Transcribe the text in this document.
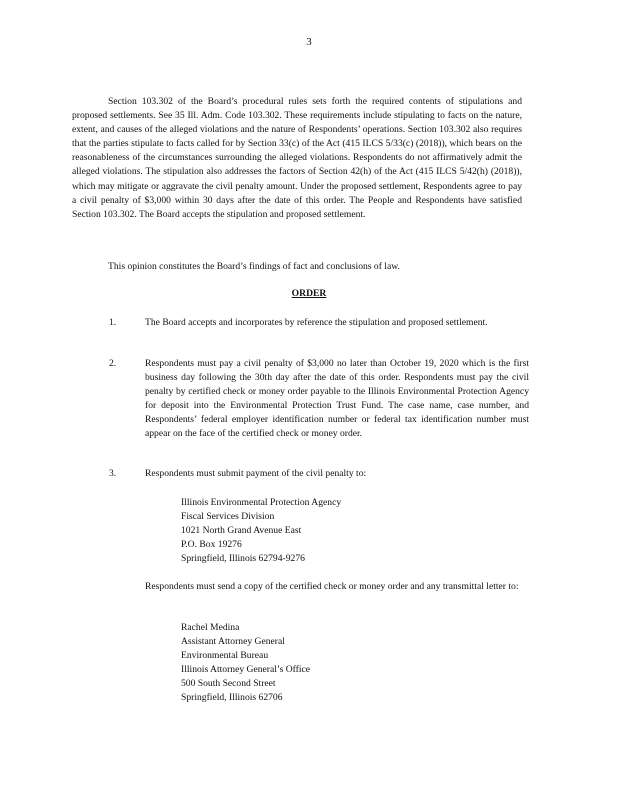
3

Section 103.302 of the Board’s procedural rules sets forth the required contents of stipulations and proposed settlements. See 35 Ill. Adm. Code 103.302. These requirements include stipulating to facts on the nature, extent, and causes of the alleged violations and the nature of Respondents’ operations. Section 103.302 also requires that the parties stipulate to facts called for by Section 33(c) of the Act (415 ILCS 5/33(c) (2018)), which bears on the reasonableness of the circumstances surrounding the alleged violations. Respondents do not affirmatively admit the alleged violations. The stipulation also addresses the factors of Section 42(h) of the Act (415 ILCS 5/42(h) (2018)), which may mitigate or aggravate the civil penalty amount. Under the proposed settlement, Respondents agree to pay a civil penalty of $3,000 within 30 days after the date of this order. The People and Respondents have satisfied Section 103.302. The Board accepts the stipulation and proposed settlement.

This opinion constitutes the Board’s findings of fact and conclusions of law.

ORDER
1.	The Board accepts and incorporates by reference the stipulation and proposed settlement.
2.	Respondents must pay a civil penalty of $3,000 no later than October 19, 2020 which is the first business day following the 30th day after the date of this order. Respondents must pay the civil penalty by certified check or money order payable to the Illinois Environmental Protection Agency for deposit into the Environmental Protection Trust Fund. The case name, case number, and Respondents’ federal employer identification number or federal tax identification number must appear on the face of the certified check or money order.
3.	Respondents must submit payment of the civil penalty to:
Illinois Environmental Protection Agency
Fiscal Services Division
1021 North Grand Avenue East
P.O. Box 19276
Springfield, Illinois 62794-9276
Respondents must send a copy of the certified check or money order and any transmittal letter to:
Rachel Medina
Assistant Attorney General
Environmental Bureau
Illinois Attorney General’s Office
500 South Second Street
Springfield, Illinois 62706
